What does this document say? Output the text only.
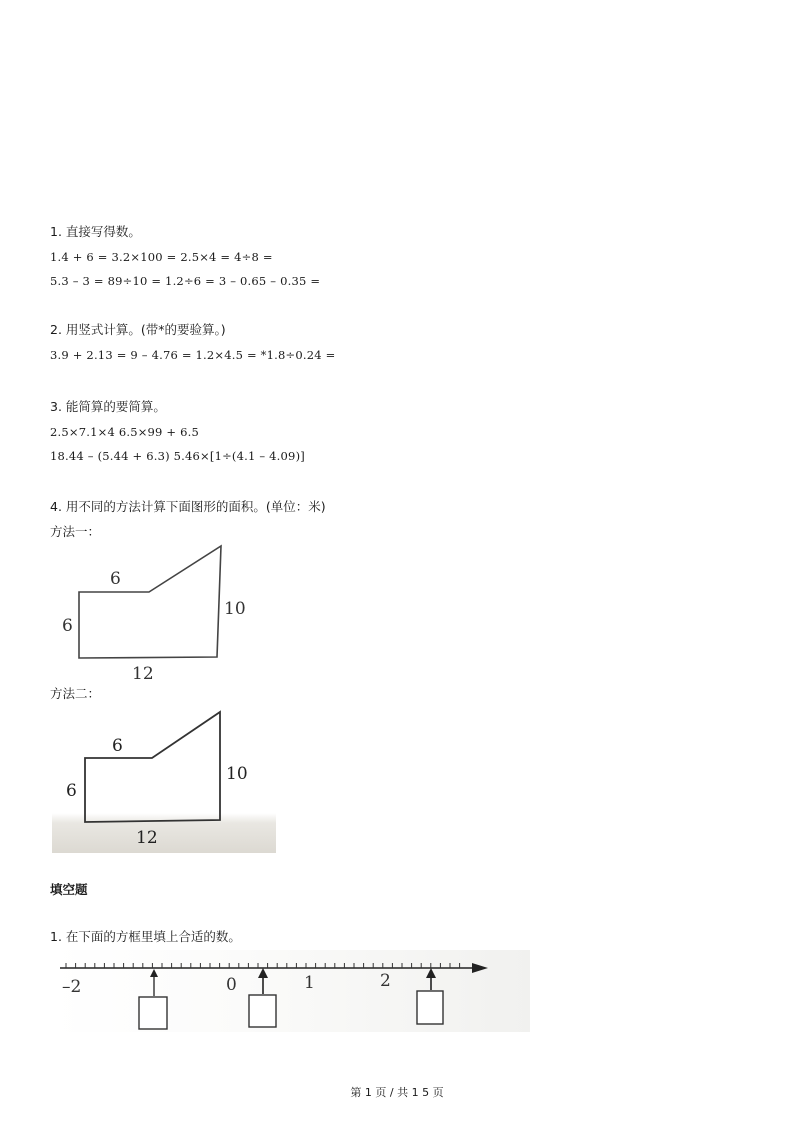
1. 直接写得数。
1.4 + 6 = 3.2×100 = 2.5×4 = 4÷8 =
5.3 – 3 = 89÷10 = 1.2÷6 = 3 – 0.65 – 0.35 =
2. 用竖式计算。(带*的要验算。)
3.9 + 2.13 = 9 – 4.76 = 1.2×4.5 = *1.8÷0.24 =
3. 能简算的要简算。
2.5×7.1×4 6.5×99 + 6.5
18.44 – (5.44 + 6.3) 5.46×[1÷(4.1 – 4.09)]
4. 用不同的方法计算下面图形的面积。(单位：米)
方法一：
6
6
10
12
方法二：
6
6
10
12
填空题
1. 在下面的方框里填上合适的数。
–2	0	1	2
第 1 页 / 共 1 5 页
